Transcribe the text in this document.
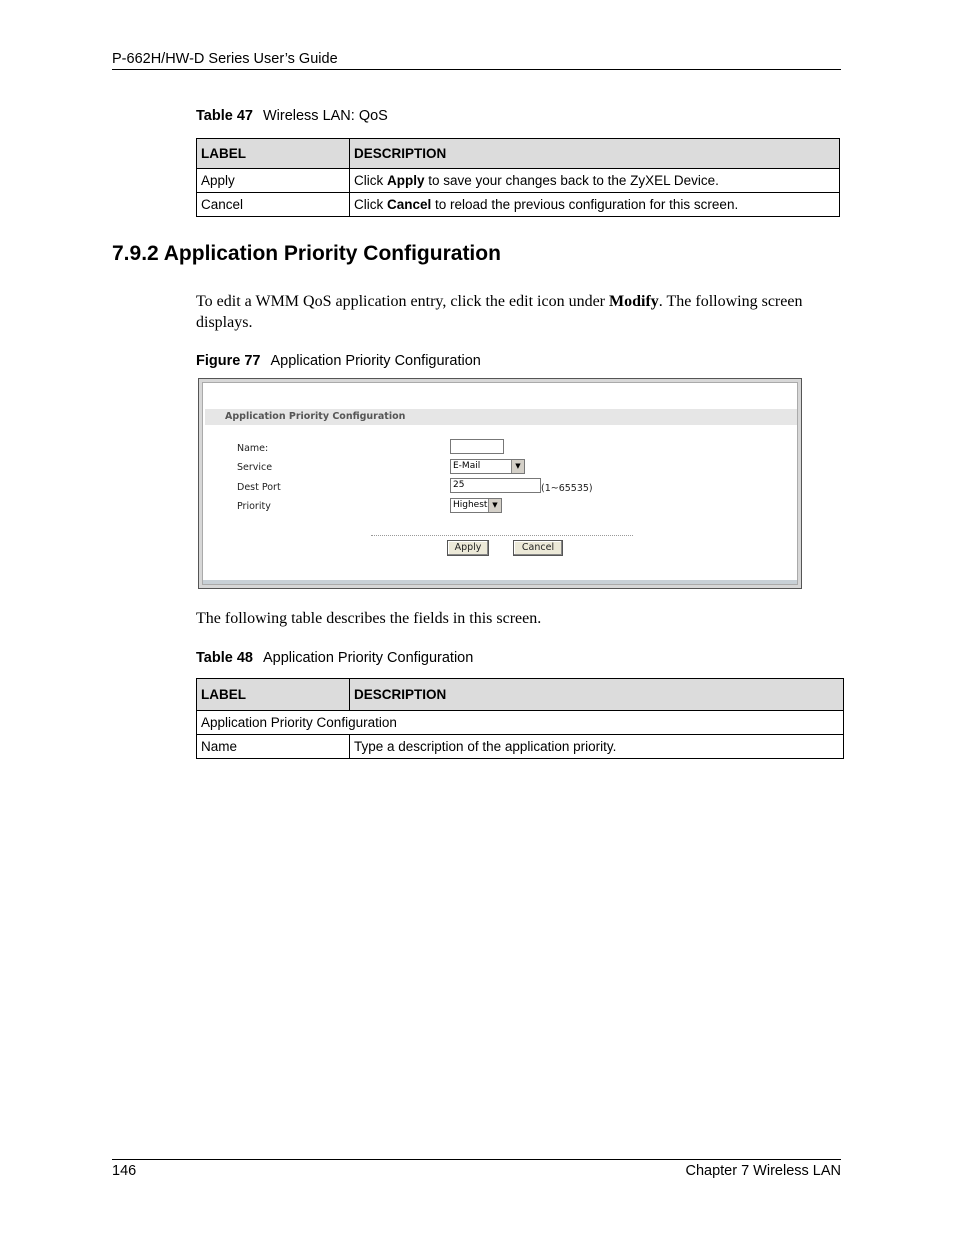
P-662H/HW-D Series User’s Guide
Table 47 Wireless LAN: QoS
LABEL	DESCRIPTION
Apply	Click Apply to save your changes back to the ZyXEL Device.
Cancel	Click Cancel to reload the previous configuration for this screen.
7.9.2 Application Priority Configuration

To edit a WMM QoS application entry, click the edit icon under Modify. The following screen displays.

Figure 77 Application Priority Configuration
Application Priority Configuration
Name:
Service	E-Mail	▼
Dest Port	25	(1~65535)
Priority	Highest ▼
Apply	Cancel

The following table describes the fields in this screen.

Table 48 Application Priority Configuration
LABEL	DESCRIPTION
Application Priority Configuration	
Name	Type a description of the application priority.
146	Chapter 7 Wireless LAN
